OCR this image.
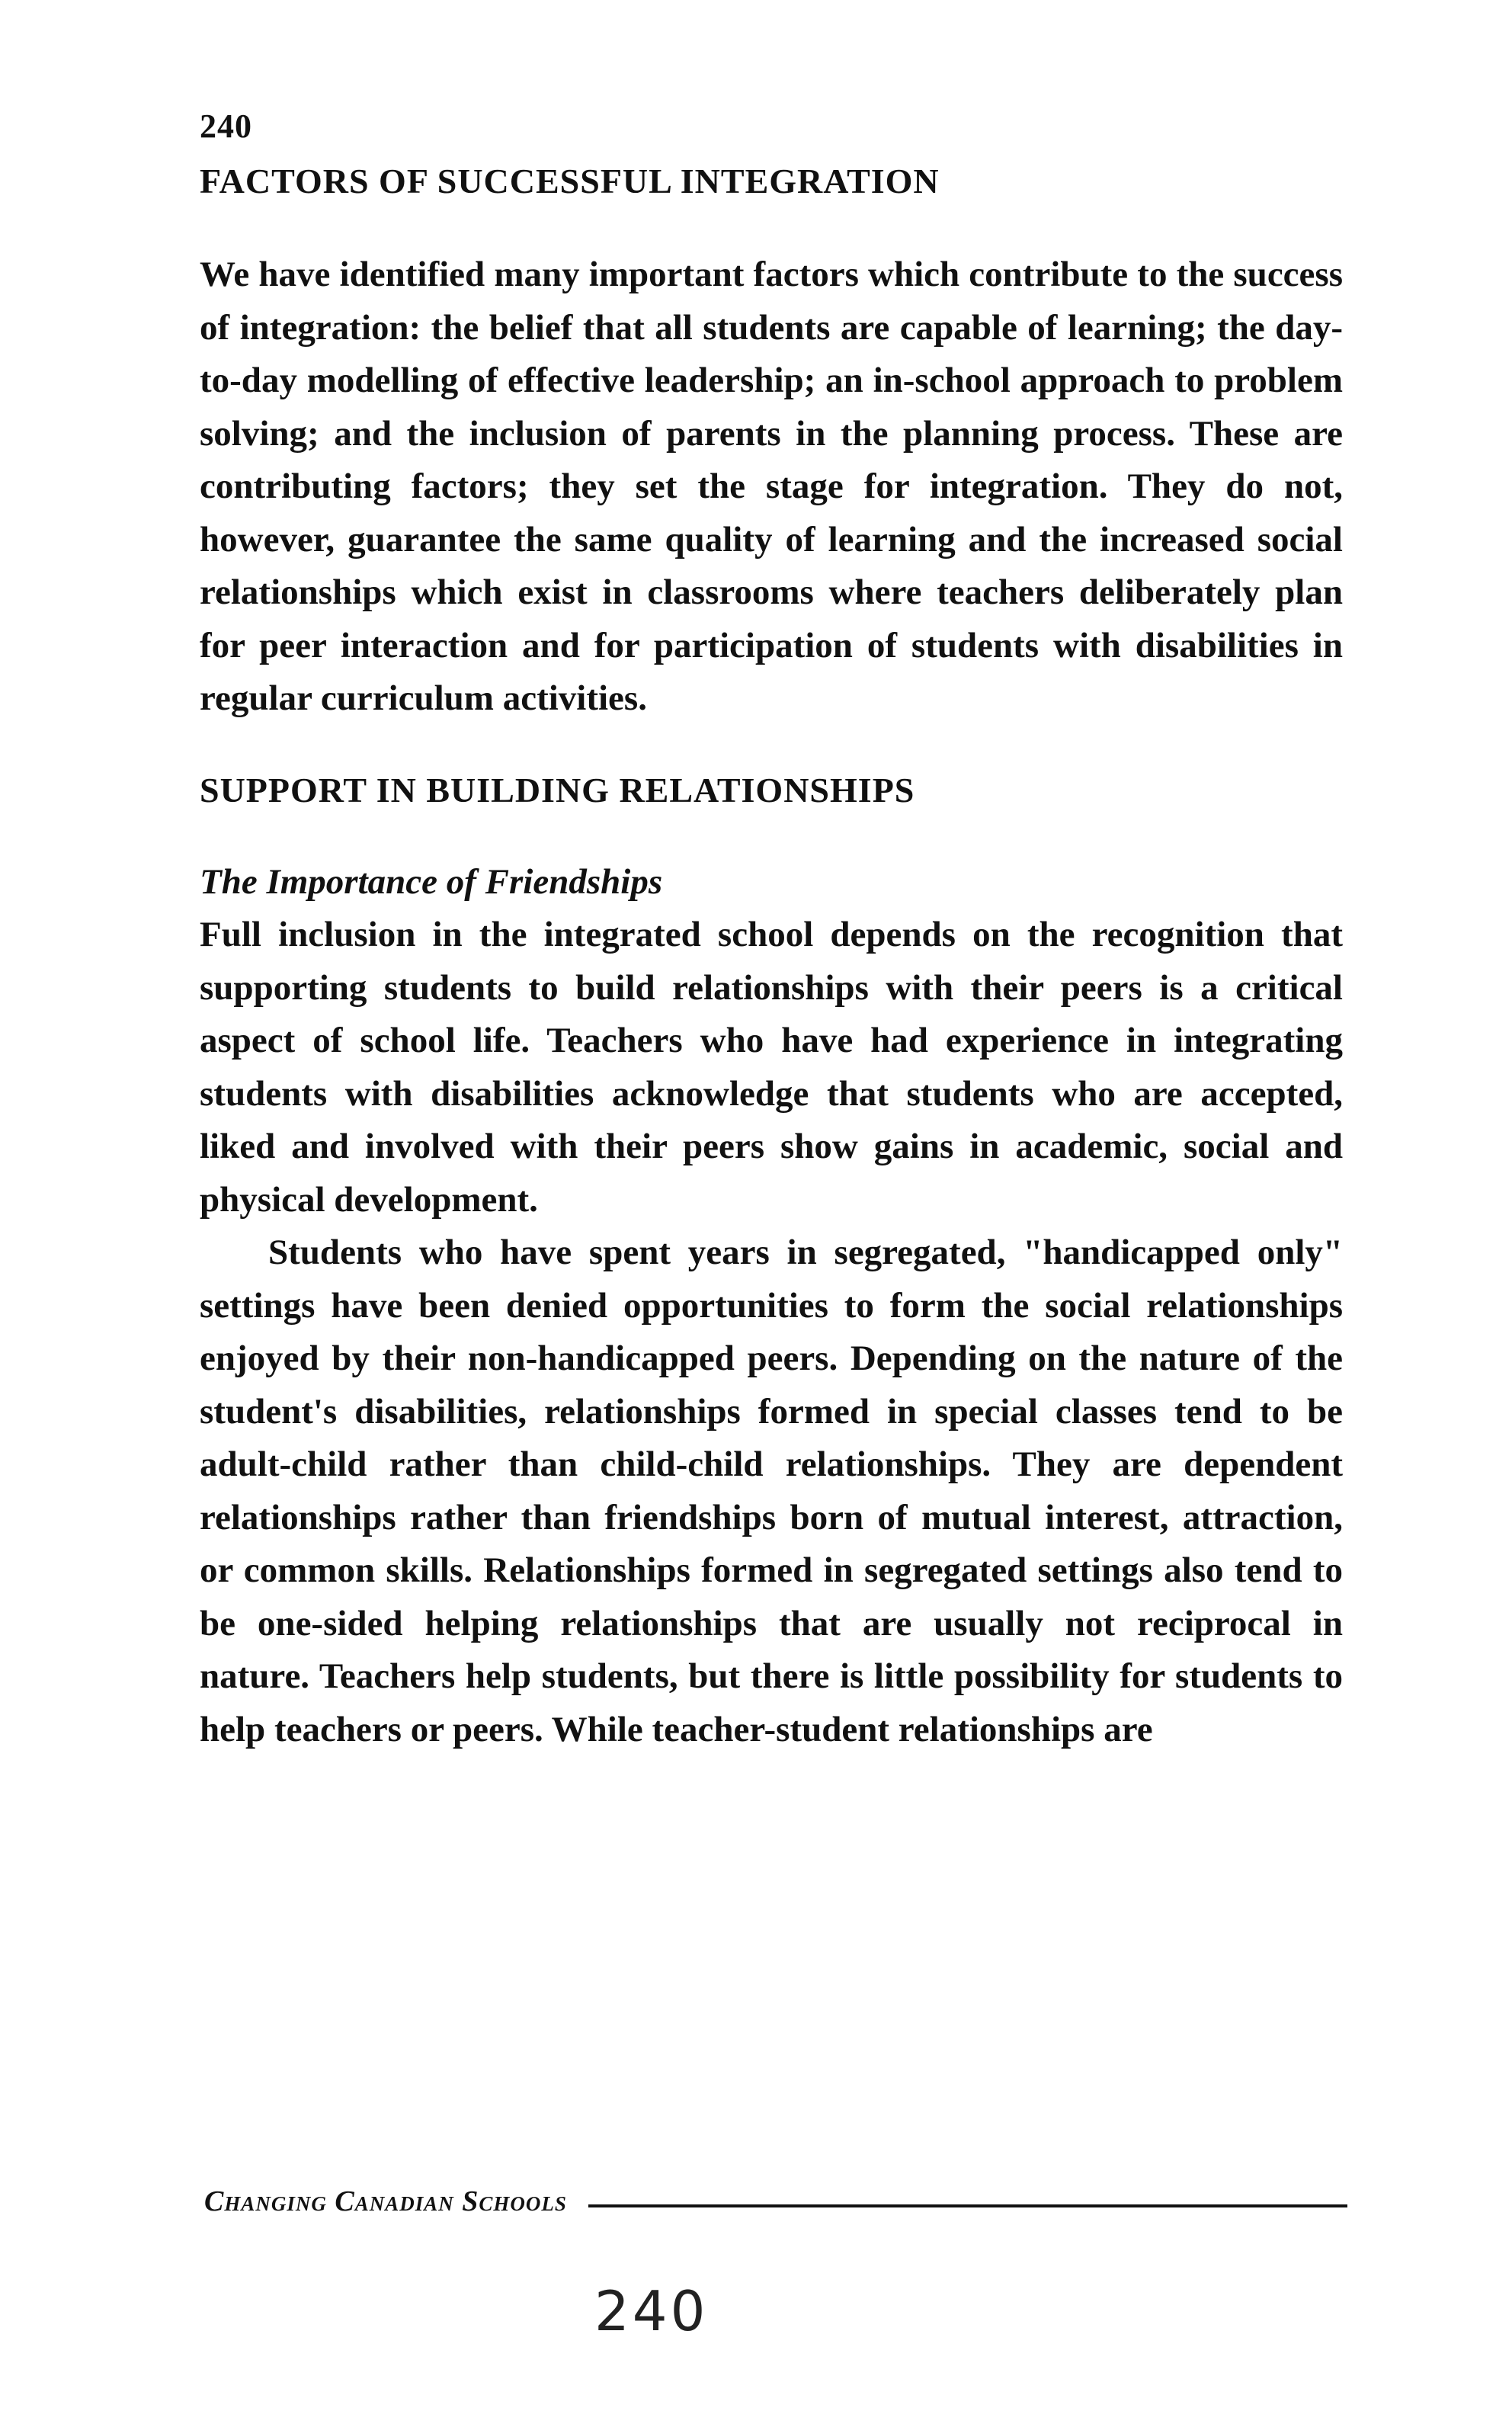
240
FACTORS OF SUCCESSFUL INTEGRATION

We have identified many important factors which contribute to the success of integration: the belief that all students are capable of learning; the day-to-day modelling of effective leadership; an in-school approach to problem solving; and the inclusion of parents in the planning process. These are contributing factors; they set the stage for integration. They do not, however, guarantee the same quality of learning and the increased social relationships which exist in classrooms where teachers deliberately plan for peer interaction and for participation of students with disabilities in regular curriculum activities.

SUPPORT IN BUILDING RELATIONSHIPS
The Importance of Friendships

Full inclusion in the integrated school depends on the recognition that supporting students to build relationships with their peers is a critical aspect of school life. Teachers who have had experience in integrating students with disabilities acknowledge that students who are accepted, liked and involved with their peers show gains in academic, social and physical development.

Students who have spent years in segregated, "handicapped only" settings have been denied opportunities to form the social relationships enjoyed by their non-handicapped peers. Depending on the nature of the student's disabilities, relationships formed in special classes tend to be adult-child rather than child-child relationships. They are dependent relationships rather than friendships born of mutual interest, attraction, or common skills. Relationships formed in segregated settings also tend to be one-sided helping relationships that are usually not reciprocal in nature. Teachers help students, but there is little possibility for students to help teachers or peers. While teacher-student relationships are

Changing Canadian Schools
240
